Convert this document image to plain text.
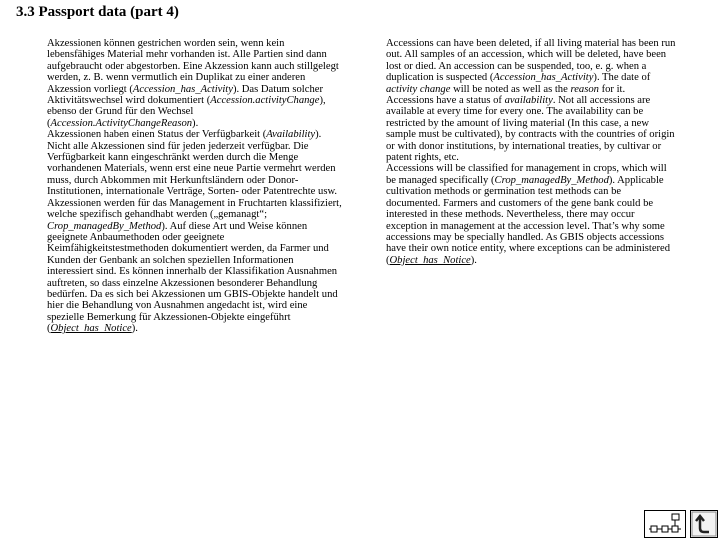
3.3 Passport data (part 4)

Akzessionen können gestrichen worden sein, wenn kein lebensfähiges Material mehr vorhanden ist. Alle Partien sind dann aufgebraucht oder abgestorben. Eine Akzession kann auch stillgelegt werden, z. B. wenn vermutlich ein Duplikat zu einer anderen Akzession vorliegt (Accession_has_Activity). Das Datum solcher Aktivitätswechsel wird dokumentiert (Accession.activityChange), ebenso der Grund für den Wechsel (Accession.ActivityChangeReason).

Akzessionen haben einen Status der Verfügbarkeit (Availability). Nicht alle Akzessionen sind für jeden jederzeit verfügbar. Die Verfügbarkeit kann eingeschränkt werden durch die Menge vorhandenen Materials, wenn erst eine neue Partie vermehrt werden muss, durch Abkommen mit Herkunftsländern oder Donor-Institutionen, internationale Verträge, Sorten- oder Patentrechte usw.

Akzessionen werden für das Management in Fruchtarten klassifiziert, welche spezifisch gehandhabt werden („gemanagt“; Crop_managedBy_Method). Auf diese Art und Weise können geeignete Anbaumethoden oder geeignete Keimfähigkeitstestmethoden dokumentiert werden, da Farmer und Kunden der Genbank an solchen speziellen Informationen interessiert sind. Es können innerhalb der Klassifikation Ausnahmen auftreten, so dass einzelne Akzessionen besonderer Behandlung bedürfen. Da es sich bei Akzessionen um GBIS-Objekte handelt und hier die Behandlung von Ausnahmen angedacht ist, wird eine spezielle Bemerkung für Akzessionen-Objekte eingeführt (Object_has_Notice).

Accessions can have been deleted, if all living material has been run out. All samples of an accession, which will be deleted, have been lost or died. An accession can be suspended, too, e. g. when a duplication is suspected (Accession_has_Activity). The date of activity change will be noted as well as the reason for it.

Accessions have a status of availability. Not all accessions are available at every time for every one. The availability can be restricted by the amount of living material (In this case, a new sample must be cultivated), by contracts with the countries of origin or with donor institutions, by international treaties, by cultivar or patent rights, etc.

Accessions will be classified for management in crops, which will be managed specifically (Crop_managedBy_Method). Applicable cultivation methods or germination test methods can be documented. Farmers and customers of the gene bank could be interested in these methods. Nevertheless, there may occur exception in management at the accession level. That’s why some accessions may be specially handled. As GBIS objects accessions have their own notice entity, where exceptions can be administered (Object_has_Notice).
